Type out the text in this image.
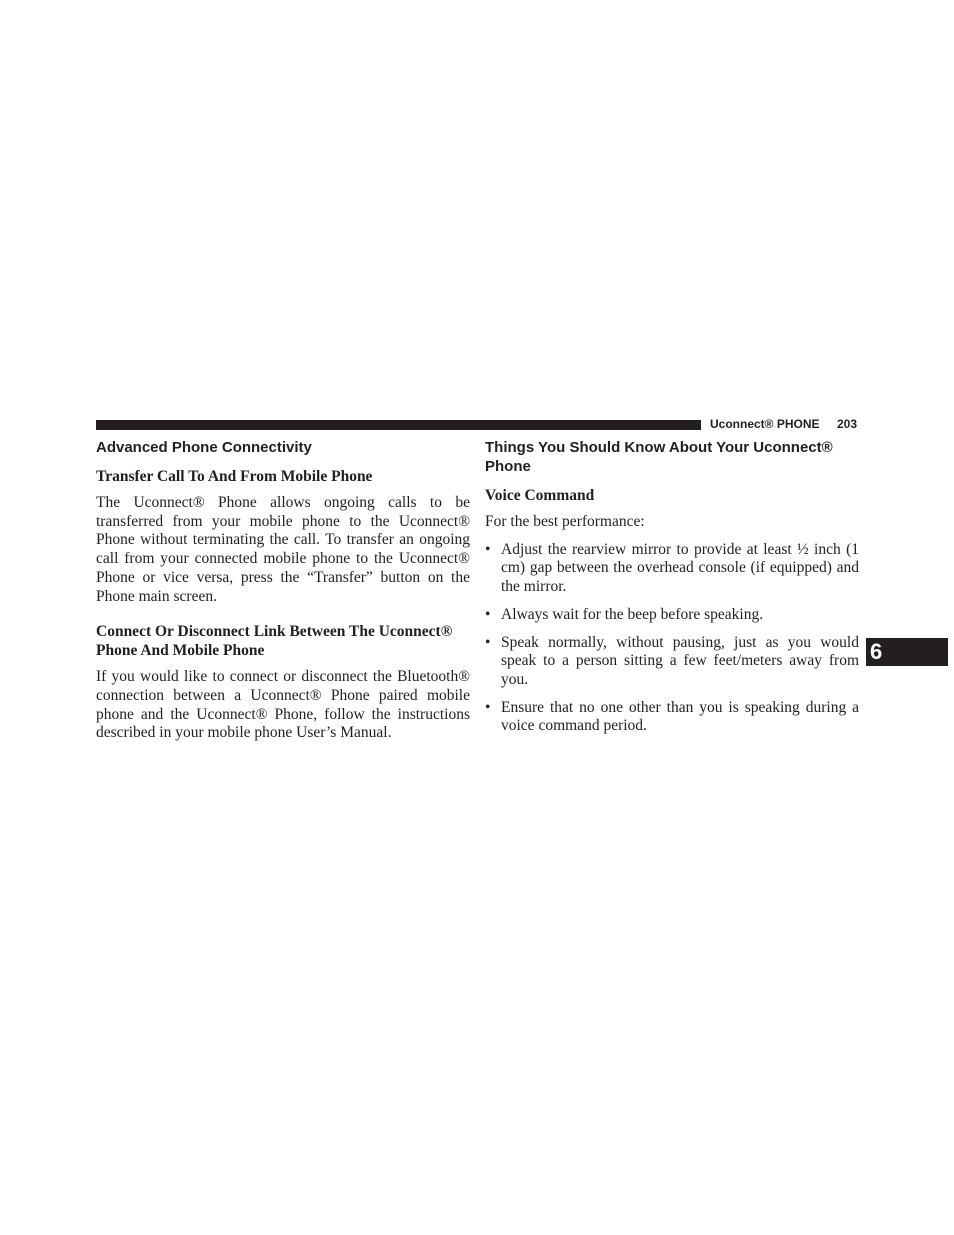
Uconnect® PHONE 203
Advanced Phone Connectivity
Transfer Call To And From Mobile Phone

The Uconnect® Phone allows ongoing calls to be transferred from your mobile phone to the Uconnect® Phone without terminating the call. To transfer an ongoing call from your connected mobile phone to the Uconnect® Phone or vice versa, press the “Transfer” button on the Phone main screen.

Connect Or Disconnect Link Between The Uconnect® Phone And Mobile Phone

If you would like to connect or disconnect the Bluetooth® connection between a Uconnect® Phone paired mobile phone and the Uconnect® Phone, follow the instructions described in your mobile phone User’s Manual.

Things You Should Know About Your Uconnect® Phone
Voice Command

For the best performance:

• Adjust the rearview mirror to provide at least ½ inch (1 cm) gap between the overhead console (if equipped) and the mirror.
• Always wait for the beep before speaking.
• Speak normally, without pausing, just as you would speak to a person sitting a few feet/meters away from you.
• Ensure that no one other than you is speaking during a voice command period.
6
